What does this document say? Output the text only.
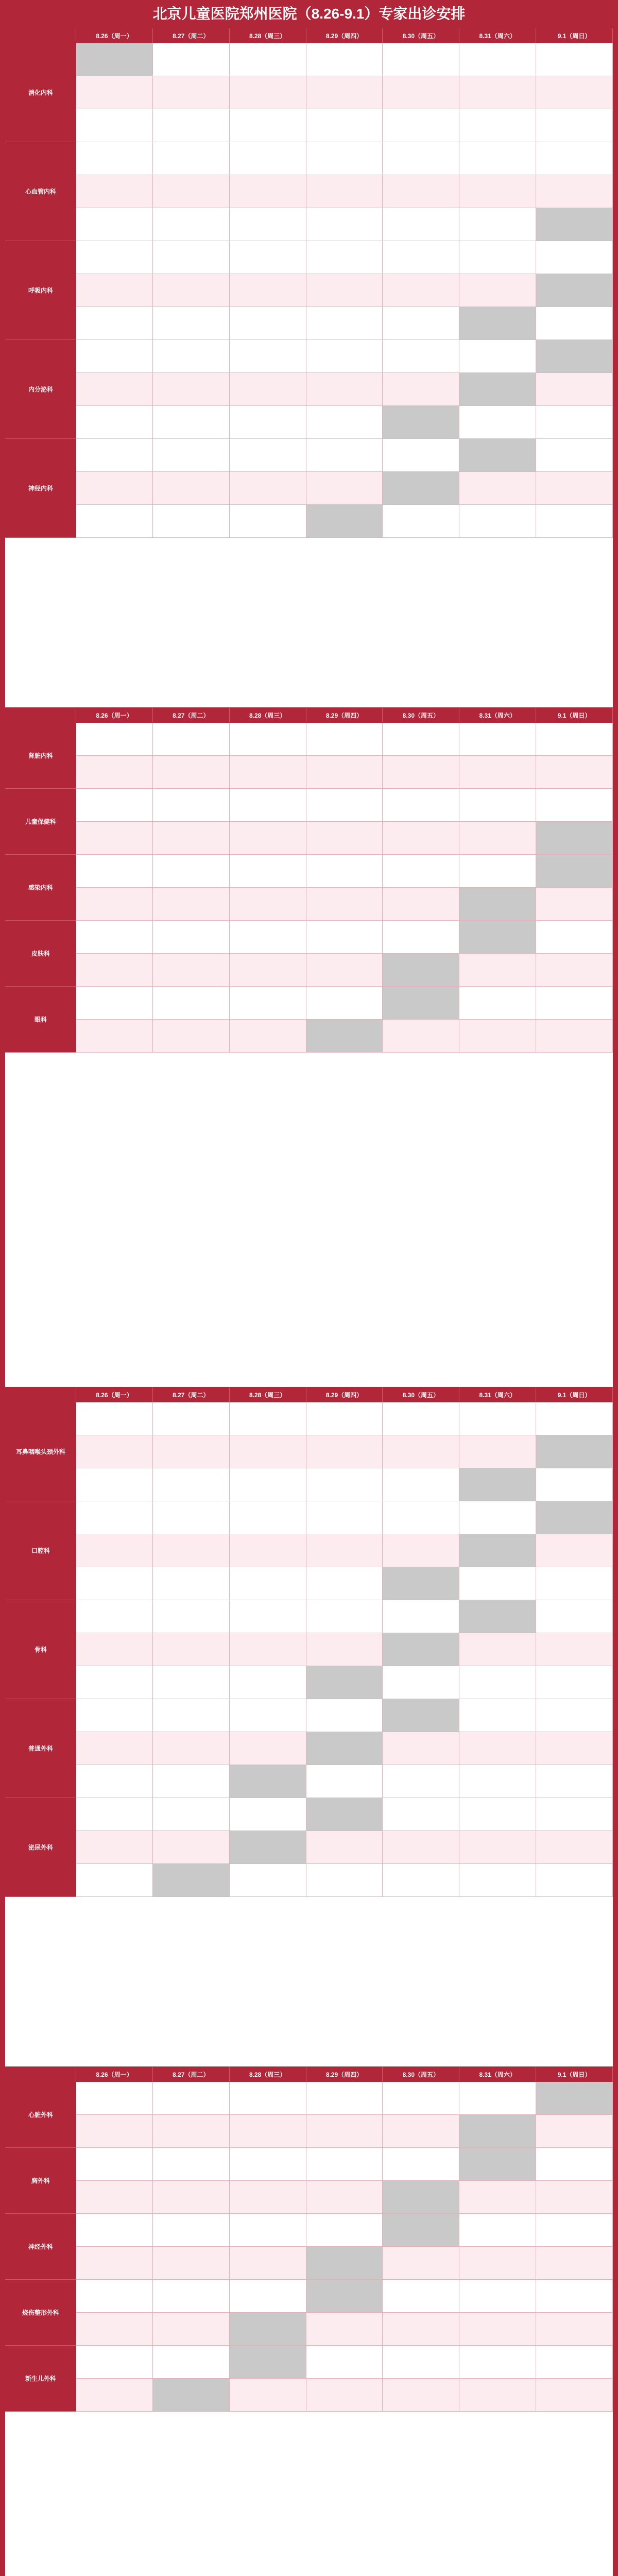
北京儿童医院郑州医院（8.26-9.1）专家出诊安排
8.26（周一）	8.27（周二）	8.28（周三）	8.29（周四）	8.30（周五）	8.31（周六）	9.1（周日）
消化内科
心血管内科
呼吸内科
内分泌科
神经内科
8.26（周一）	8.27（周二）	8.28（周三）	8.29（周四）	8.30（周五）	8.31（周六）	9.1（周日）
肾脏内科
儿童保健科
感染内科
皮肤科
眼科
8.26（周一）	8.27（周二）	8.28（周三）	8.29（周四）	8.30（周五）	8.31（周六）	9.1（周日）
耳鼻咽喉头颈外科
口腔科
骨科
普通外科
泌尿外科
8.26（周一）	8.27（周二）	8.28（周三）	8.29（周四）	8.30（周五）	8.31（周六）	9.1（周日）
心脏外科
胸外科
神经外科
烧伤整形外科
新生儿外科
